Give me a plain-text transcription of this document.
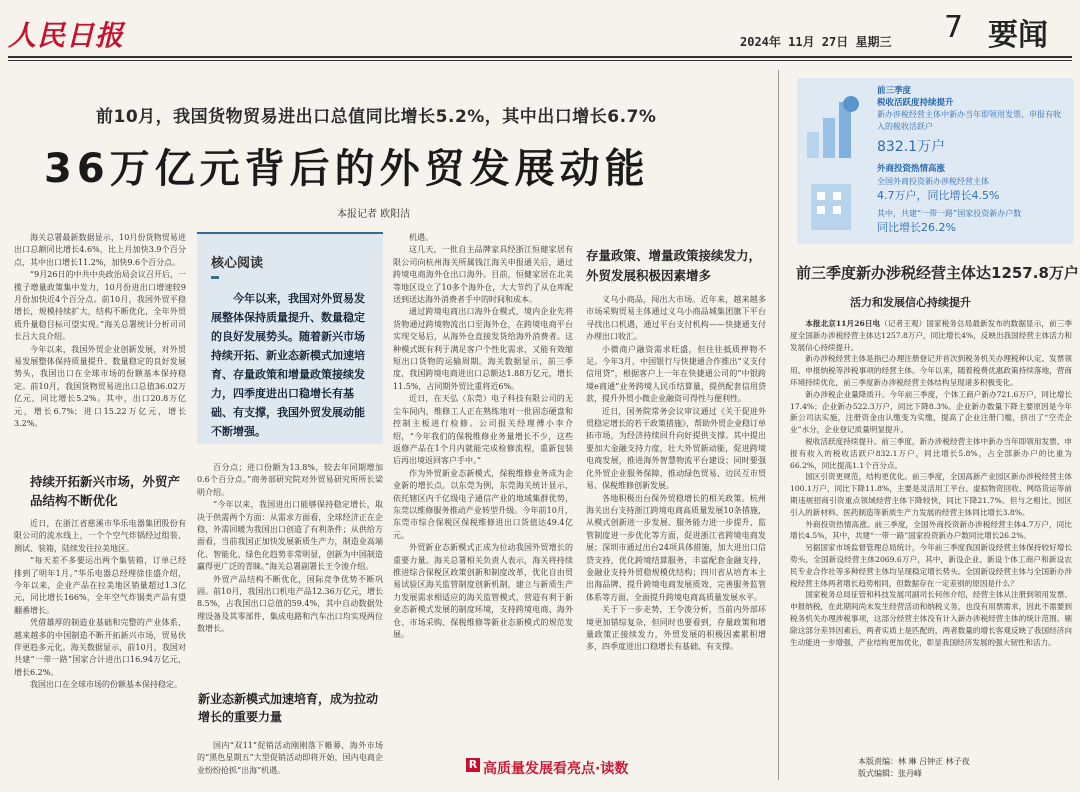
人民日报	2024年 11月 27日 星期三 7 要闻
前10月，我国货物贸易进出口总值同比增长5.2%，其中出口增长6.7%
36万亿元背后的外贸发展动能
本报记者 欧阳洁

海关总署最新数据显示，10月份货物贸易进出口总额同比增长4.6%，比上月加快3.9个百分点，其中出口增长11.2%，加快9.6个百分点。

“9月26日的中共中央政治局会议召开后，一揽子增量政策集中发力，10月份进出口增速较9月份加快近4个百分点。前10月，我国外贸平稳增长，规模持续扩大，结构不断优化，全年外贸质升量稳目标可望实现。”海关总署统计分析司司长吕大良介绍。

今年以来，我国外贸企业创新发展，对外贸易发展整体保持质量提升、数量稳定的良好发展势头，我国出口在全球市场的份额基本保持稳定。前10月，我国货物贸易进出口总值36.02万亿元，同比增长5.2%。其中，出口20.8万亿元，增长6.7%；进口15.22万亿元，增长3.2%。

持续开拓新兴市场，外贸产品结构不断优化

近日，在浙江省慈溪市华乐电器集团股份有限公司的流水线上，一个个空气炸锅经过组装、测试、装箱，陆续发往拉美地区。

“每天差不多要运出两个集装箱，订单已经排到了明年1月。”华乐电器总经理徐佳盛介绍，今年以来，企业产品在拉美地区销量超过1.3亿元，同比增长166%，全年空气炸锅类产品有望翻番增长。

凭借雄厚的制造业基础和完整的产业体系，越来越多的中国制造不断开拓新兴市场，贸易伙伴更趋多元化。海关数据显示，前10月，我国对共建“一带一路”国家合计进出口16.94万亿元，增长6.2%。

我国出口在全球市场的份额基本保持稳定。

核心阅读
今年以来，我国对外贸易发展整体保持质量提升、数量稳定的良好发展势头。随着新兴市场持续开拓、新业态新模式加速培育、存量政策和增量政策接续发力，四季度进出口稳增长有基础、有支撑，我国外贸发展动能不断增强。

百分点；进口份额为13.8%，较去年同期增加0.6个百分点。”商务部研究院对外贸易研究所所长梁明介绍。

“今年以来，我国进出口能够保持稳定增长，取决于供需两个方面：从需求方面看，全球经济正在企稳，外需回暖为我国出口创造了有利条件；从供给方面看，当前我国正加快发展新质生产力，制造业高端化、智能化、绿色化趋势非常明显，创新为中国制造赢得更广泛的青睐。”海关总署副署长王令浚介绍。

外贸产品结构不断优化，国际竞争优势不断巩固。前10月，我国出口机电产品12.36万亿元，增长8.5%，占我国出口总值的59.4%，其中自动数据处理设备及其零部件、集成电路和汽车出口均实现两位数增长。

新业态新模式加速培育，成为拉动增长的重要力量

国内“双11”促销活动刚刚落下帷幕，海外市场的“黑色星期五”大型促销活动即将开始，国内电商企业纷纷抢抓“出海”机遇。

机遇。

这几天，一批自主品牌家具经浙江恒健家居有限公司向杭州海关所属钱江海关申报通关后，通过跨境电商海外仓出口海外。目前，恒健家居在北美等地区设立了10多个海外仓，大大节约了从仓库配送到送达海外消费者手中的时间和成本。

通过跨境电商出口海外仓模式，境内企业先将货物通过跨境物流出口至海外仓，在跨境电商平台实现交易后，从海外仓直接发货给海外消费者。这种模式既有利于满足客户个性化需求，又能有效缩短出口货物的运输周期。海关数据显示，前三季度，我国跨境电商进出口总额达1.88万亿元，增长11.5%，占同期外贸比重将近6%。

近日，在天弘（东莞）电子科技有限公司的无尘车间内，维修工人正在熟练地对一批固态硬盘和控制主板进行检修。公司报关经理傅小李介绍，“今年我们的保税维修业务量增长不少，这些返修产品在1个月内就能完成检修流程，重新包装后再出境返回客户手中。”

作为外贸新业态新模式，保税维修业务成为企业新的增长点。以东莞为例，东莞海关统计显示，依托辖区内千亿级电子通信产业的地域集群优势，东莞以维修服务推动产业转型升级。今年前10月，东莞市综合保税区保税维修进出口货值达49.4亿元。

外贸新业态新模式正成为拉动我国外贸增长的重要力量。海关总署相关负责人表示，海关将持续推进综合保税区政策创新和制度改革，优化自由贸易试验区海关监管制度创新机制，建立与新质生产力发展需求相适应的海关监管模式，营造有利于新业态新模式发展的制度环境，支持跨境电商、海外仓、市场采购、保税维修等新业态新模式的规范发展。

存量政策、增量政策接续发力，外贸发展积极因素增多

义乌小商品，闯出大市场。近年来，越来越多市场采购贸易主体通过义乌小商品城集团旗下平台寻找出口机遇，通过平台支付机构——快捷通支付办理出口收汇。

小微商户融资需求旺盛，但往往抵质押物不足。今年3月，中国银行与快捷通合作推出“义支付信用贷”，根据客户上一年在快捷通公司的“中银跨境e商通”业务跨境人民币结算量，提供配套信用贷款，提升外贸小微企业融资可得性与便利性。

近日，国务院常务会议审议通过《关于促进外贸稳定增长的若干政策措施》，帮助外贸企业稳订单拓市场，为经济持续回升向好提供支撑。其中提出要加大金融支持力度，壮大外贸新动能，促进跨境电商发展，推进海外智慧物流平台建设；同时要强化外贸企业服务保障，推动绿色贸易、边民互市贸易、保税维修创新发展。

各地积极出台保外贸稳增长的相关政策。杭州海关出台支持浙江跨境电商高质量发展10条措施，从模式创新进一步发展、服务能力进一步提升、监管制度进一步优化等方面，促进浙江省跨境电商发展；深圳市通过出台24项具体措施，加大进出口信贷支持，优化跨境结算服务，丰富配套金融支持，金融业支持外贸稳规模优结构；四川省从培育本土出海品牌、提升跨境电商发展质效、完善服务监管体系等方面，全面提升跨境电商高质量发展水平。

关于下一步走势，王令浚分析，当前内外部环境更加错综复杂，但同时也要看到，存量政策和增量政策正接续发力，外贸发展的积极因素累积增多，四季度进出口稳增长有基础、有支撑。

前三季度
税收活跃度持续提升
新办涉税经营主体中新办当年即领用发票、申报有收入的税收活跃户
832.1万户
外商投资热情高涨
全国外商投资新办涉税经营主体
4.7万户，同比增长4.5%
其中，共建“一带一路”国家投资新办户数
同比增长26.2%
前三季度新办涉税经营主体达1257.8万户
活力和发展信心持续提升

本报北京11月26日电（记者王观）国家税务总局最新发布的数据显示，前三季度全国新办涉税经营主体达1257.8万户，同比增长4%，反映出我国经营主体活力和发展信心持续提升。

新办涉税经营主体是指已办理注册登记并首次到税务机关办理税种认定、发票领用、申报纳税等涉税事项的经营主体。今年以来，随着税费优惠政策持续落地，营商环境持续优化，前三季度新办涉税经营主体结构呈现诸多积极变化。

新办涉税企业量降质升。今年前三季度，个体工商户新办721.6万户，同比增长17.4%；企业新办522.3万户，同比下降8.3%。企业新办数量下降主要原因是今年新公司法实施，注册资金由认缴变为实缴，提高了企业注册门槛，挤出了“空壳企业”水分，企业登记质量明显提升。

税收活跃度持续提升。前三季度，新办涉税经营主体中新办当年即领用发票、申报有收入的税收活跃户832.1万户，同比增长5.8%，占全部新办户的比重为66.2%，同比提高1.1个百分点。

园区引资更规范，结构更优化。前三季度，全国高新产业园区新办涉税经营主体100.1万户，同比下降11.8%，主要是灵活用工平台、虚拟物资回收、网络货运等前期违规招商引资重点领域经营主体下降较快，同比下降21.7%。但与之相比，园区引入的新材料、医药制造等新质生产力发展的经营主体同比增长3.8%。

外商投资热情高涨。前三季度，全国外商投资新办涉税经营主体4.7万户，同比增长4.5%，其中，共建“一带一路”国家投资新办户数同比增长26.2%。

另据国家市场监督管理总局统计，今年前三季度我国新设经营主体保持较好增长势头，全国新设经营主体2069.6万户，其中，新设企业、新设个体工商户和新设农民专业合作社等多种经营主体均呈现稳定增长势头。全国新设经营主体与全国新办涉税经营主体两者增长趋势相同，但数据存在一定差别的原因是什么？

国家税务总局征管和科技发展司副司长何伟介绍，经营主体从注册到领用发票、申报纳税，在此期间尚未发生经营活动和纳税义务，也没有用票需求，因此不需要到税务机关办理涉税事项，这部分经营主体没有计入新办涉税经营主体的统计范围。剔除这部分差异因素后，两者实质上是匹配的，两者数量的增长客观反映了我国经济向生动能进一步增强，产业结构更加优化，彰显我国经济发展的强大韧性和活力。

R 高质量发展看亮点·读数	本版责编：林 琳 吕钟正 林子夜
版式编辑：张丹峰
